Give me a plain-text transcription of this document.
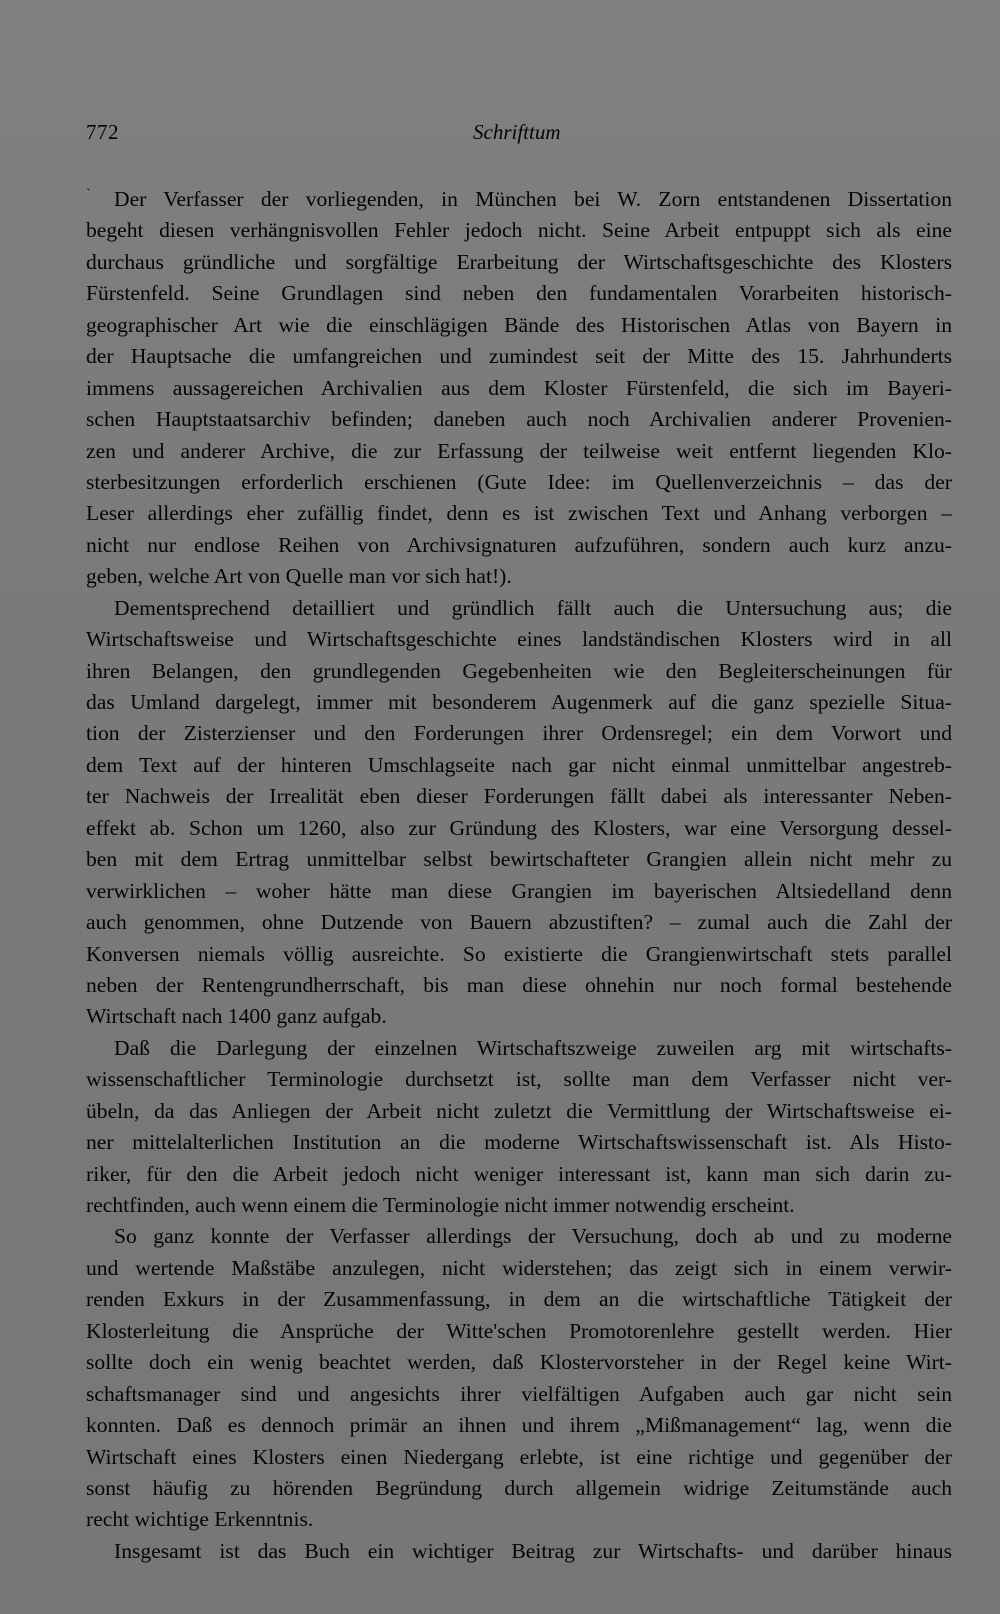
772	Schrifttum
ˋ	Der Verfasser der vorliegenden, in München bei W. Zorn entstandenen Dissertation
begeht diesen verhängnisvollen Fehler jedoch nicht. Seine Arbeit entpuppt sich als eine
durchaus gründliche und sorgfältige Erarbeitung der Wirtschaftsgeschichte des Klosters
Fürstenfeld. Seine Grundlagen sind neben den fundamentalen Vorarbeiten historisch-
geographischer Art wie die einschlägigen Bände des Historischen Atlas von Bayern in
der Hauptsache die umfangreichen und zumindest seit der Mitte des 15. Jahrhunderts
immens aussagereichen Archivalien aus dem Kloster Fürstenfeld, die sich im Bayeri-
schen Hauptstaatsarchiv befinden; daneben auch noch Archivalien anderer Provenien-
zen und anderer Archive, die zur Erfassung der teilweise weit entfernt liegenden Klo-
sterbesitzungen erforderlich erschienen (Gute Idee: im Quellenverzeichnis – das der
Leser allerdings eher zufällig findet, denn es ist zwischen Text und Anhang verborgen –
nicht nur endlose Reihen von Archivsignaturen aufzuführen, sondern auch kurz anzu-
geben, welche Art von Quelle man vor sich hat!).
Dementsprechend detailliert und gründlich fällt auch die Untersuchung aus; die
Wirtschaftsweise und Wirtschaftsgeschichte eines landständischen Klosters wird in all
ihren Belangen, den grundlegenden Gegebenheiten wie den Begleiterscheinungen für
das Umland dargelegt, immer mit besonderem Augenmerk auf die ganz spezielle Situa-
tion der Zisterzienser und den Forderungen ihrer Ordensregel; ein dem Vorwort und
dem Text auf der hinteren Umschlagseite nach gar nicht einmal unmittelbar angestreb-
ter Nachweis der Irrealität eben dieser Forderungen fällt dabei als interessanter Neben-
effekt ab. Schon um 1260, also zur Gründung des Klosters, war eine Versorgung dessel-
ben mit dem Ertrag unmittelbar selbst bewirtschafteter Grangien allein nicht mehr zu
verwirklichen – woher hätte man diese Grangien im bayerischen Altsiedelland denn
auch genommen, ohne Dutzende von Bauern abzustiften? – zumal auch die Zahl der
Konversen niemals völlig ausreichte. So existierte die Grangienwirtschaft stets parallel
neben der Rentengrundherrschaft, bis man diese ohnehin nur noch formal bestehende
Wirtschaft nach 1400 ganz aufgab.
Daß die Darlegung der einzelnen Wirtschaftszweige zuweilen arg mit wirtschafts-
wissenschaftlicher Terminologie durchsetzt ist, sollte man dem Verfasser nicht ver-
übeln, da das Anliegen der Arbeit nicht zuletzt die Vermittlung der Wirtschaftsweise ei-
ner mittelalterlichen Institution an die moderne Wirtschaftswissenschaft ist. Als Histo-
riker, für den die Arbeit jedoch nicht weniger interessant ist, kann man sich darin zu-
rechtfinden, auch wenn einem die Terminologie nicht immer notwendig erscheint.
So ganz konnte der Verfasser allerdings der Versuchung, doch ab und zu moderne
und wertende Maßstäbe anzulegen, nicht widerstehen; das zeigt sich in einem verwir-
renden Exkurs in der Zusammenfassung, in dem an die wirtschaftliche Tätigkeit der
Klosterleitung die Ansprüche der Witte'schen Promotorenlehre gestellt werden. Hier
sollte doch ein wenig beachtet werden, daß Klostervorsteher in der Regel keine Wirt-
schaftsmanager sind und angesichts ihrer vielfältigen Aufgaben auch gar nicht sein
konnten. Daß es dennoch primär an ihnen und ihrem „Mißmanagement“ lag, wenn die
Wirtschaft eines Klosters einen Niedergang erlebte, ist eine richtige und gegenüber der
sonst häufig zu hörenden Begründung durch allgemein widrige Zeitumstände auch
recht wichtige Erkenntnis.
Insgesamt ist das Buch ein wichtiger Beitrag zur Wirtschafts- und darüber hinaus
